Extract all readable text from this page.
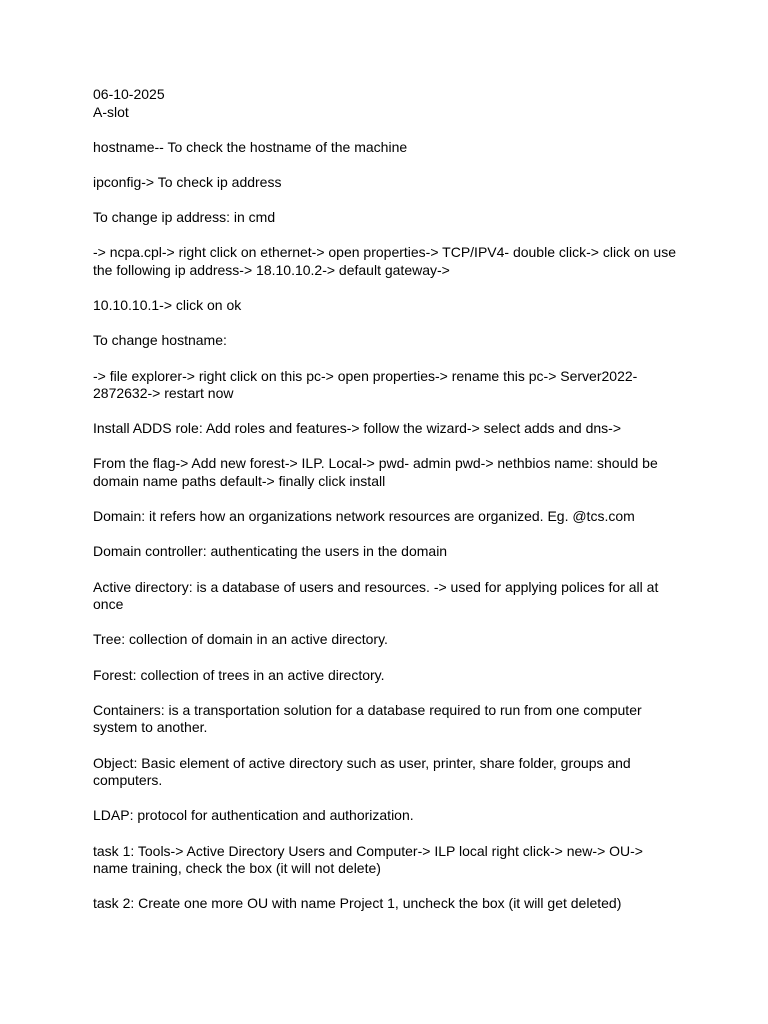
06-10-2025

A-slot

hostname-- To check the hostname of the machine

ipconfig-> To check ip address

To change ip address: in cmd

-> ncpa.cpl-> right click on ethernet-> open properties-> TCP/IPV4- double click-> click on use the following ip address-> 18.10.10.2-> default gateway->

10.10.10.1-> click on ok

To change hostname:

-> file explorer-> right click on this pc-> open properties-> rename this pc-> Server2022-2872632-> restart now

Install ADDS role: Add roles and features-> follow the wizard-> select adds and dns->

From the flag-> Add new forest-> ILP. Local-> pwd- admin pwd-> nethbios name: should be domain name paths default-> finally click install

Domain: it refers how an organizations network resources are organized. Eg. @tcs.com

Domain controller: authenticating the users in the domain

Active directory: is a database of users and resources. -> used for applying polices for all at once

Tree: collection of domain in an active directory.

Forest: collection of trees in an active directory.

Containers: is a transportation solution for a database required to run from one computer system to another.

Object: Basic element of active directory such as user, printer, share folder, groups and computers.

LDAP: protocol for authentication and authorization.

task 1: Tools-> Active Directory Users and Computer-> ILP local right click-> new-> OU-> name training, check the box (it will not delete)

task 2: Create one more OU with name Project 1, uncheck the box (it will get deleted)
